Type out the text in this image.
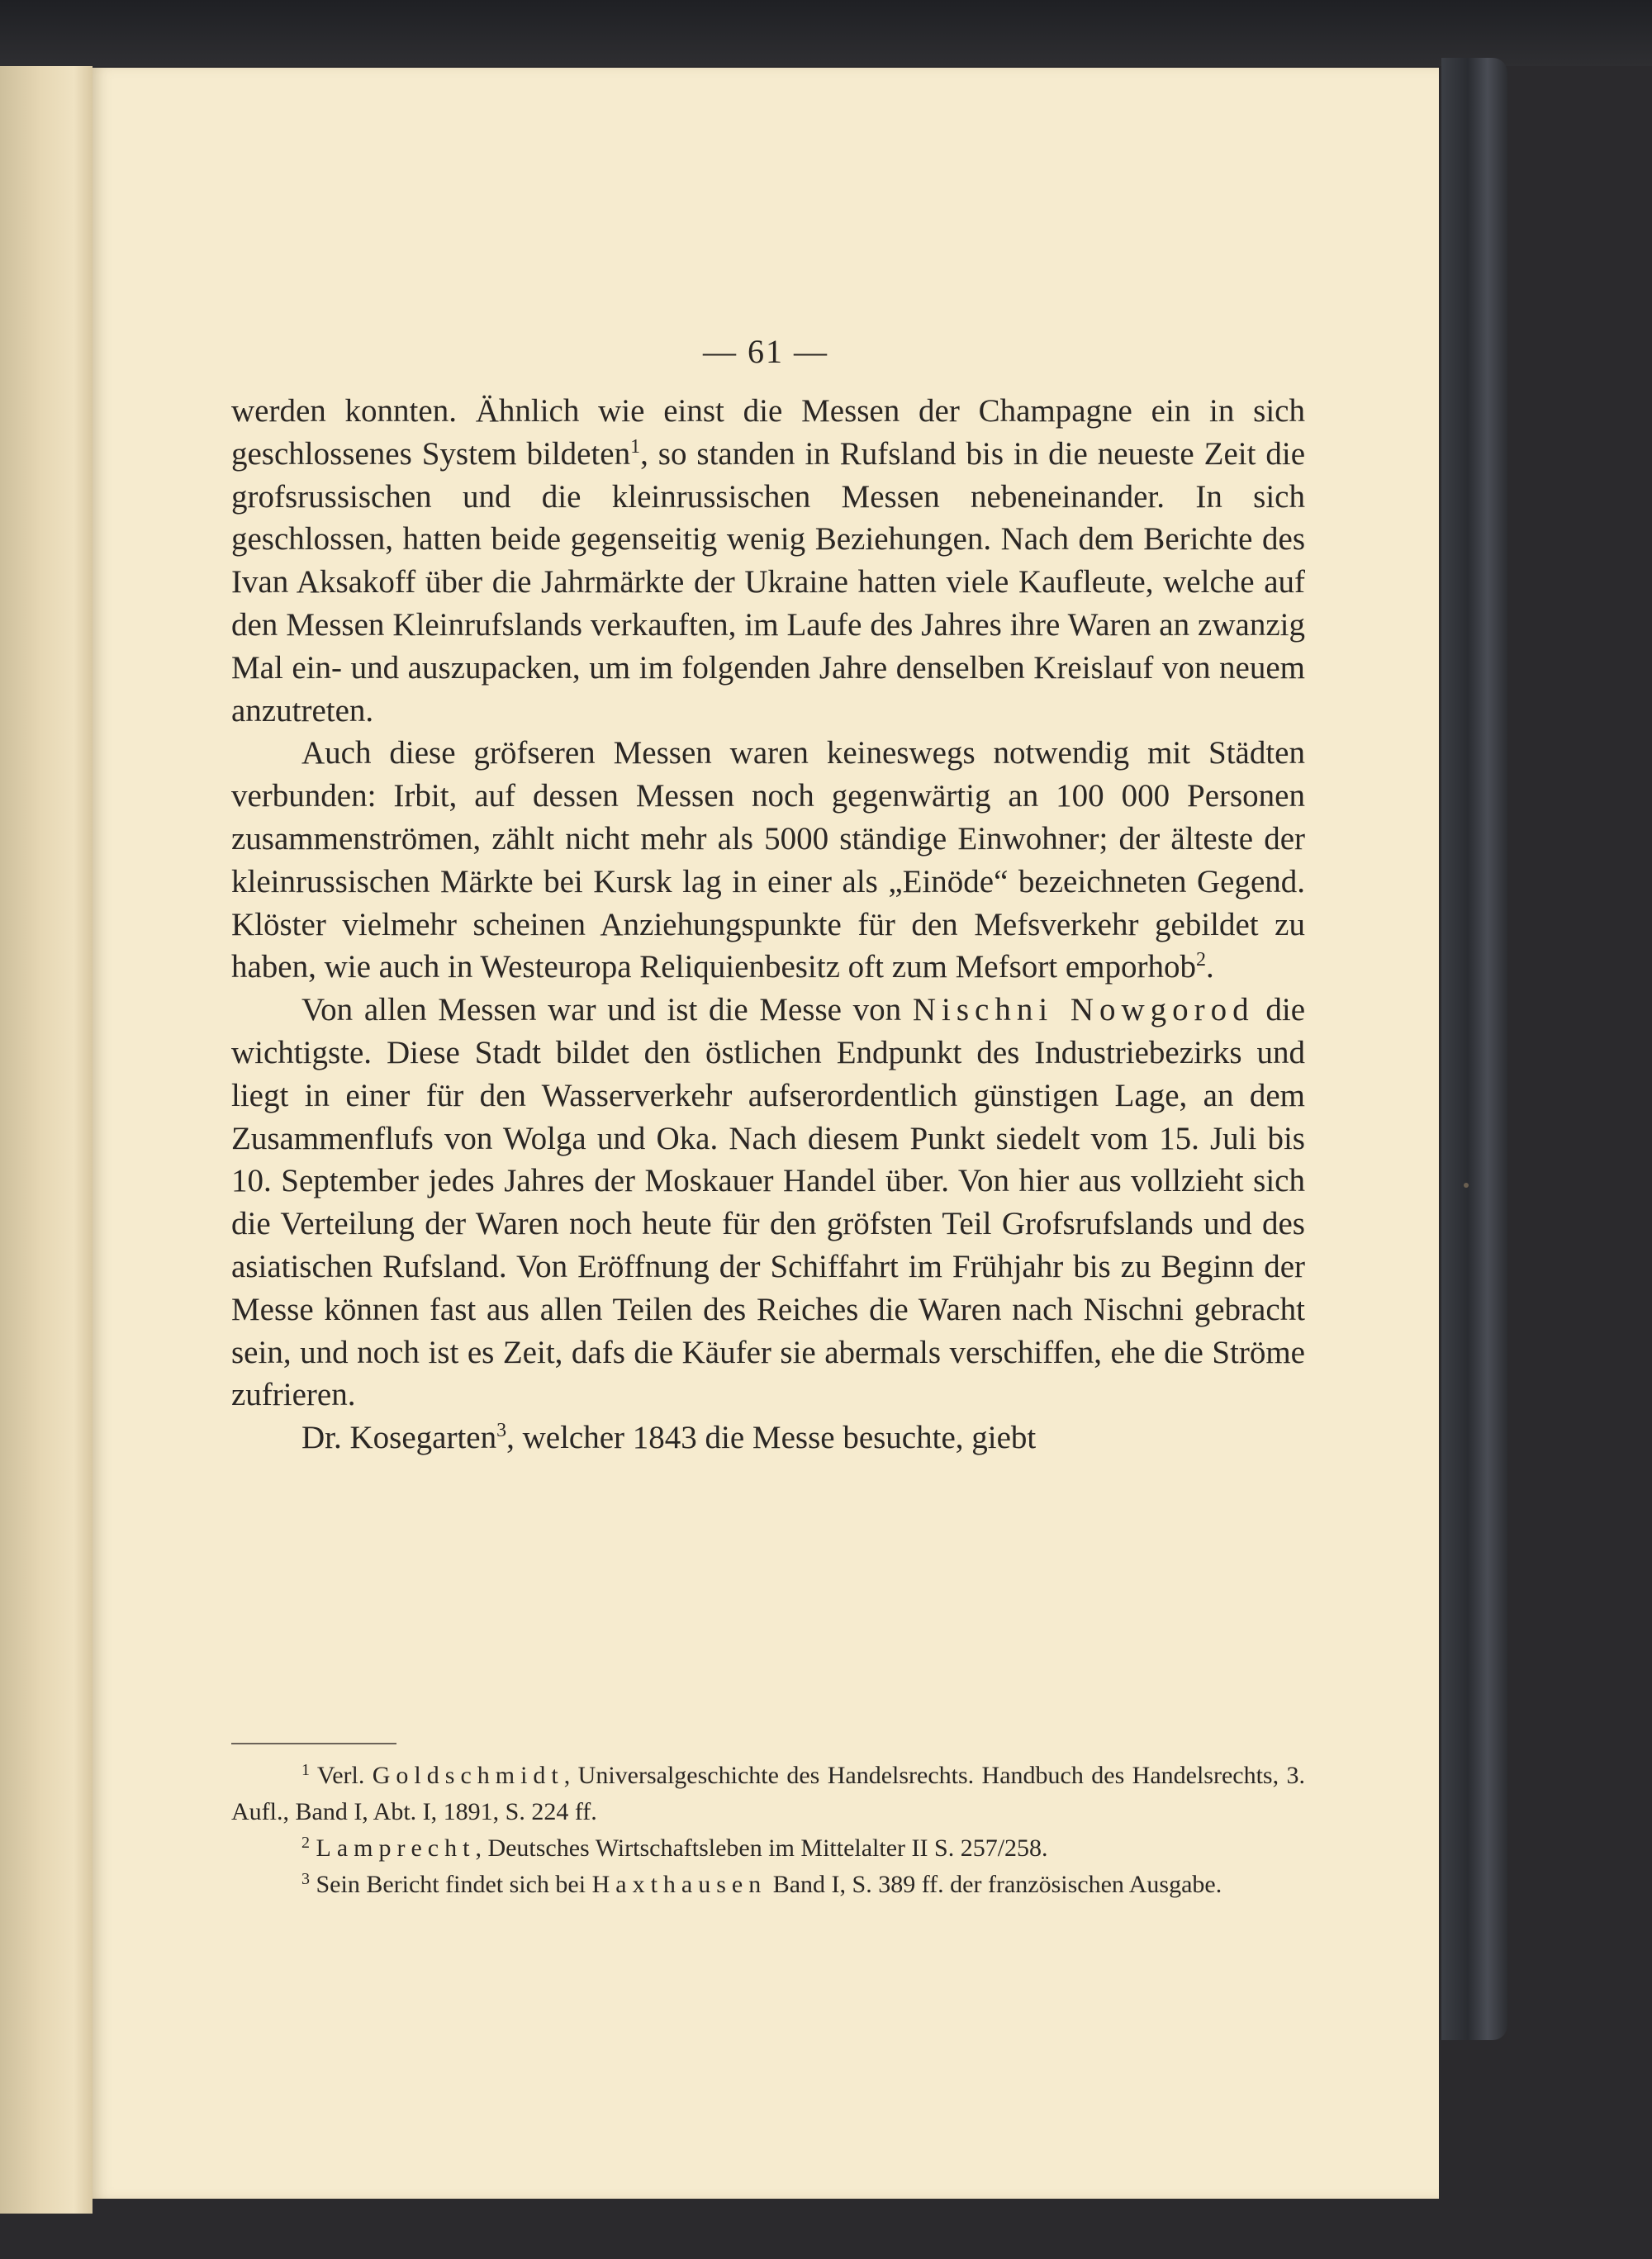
— 61 —

werden konnten. Ähnlich wie einst die Messen der Champagne ein in sich geschlossenes System bildeten$^1$, so standen in Rufsland bis in die neueste Zeit die grofsrussischen und die kleinrussischen Messen nebeneinander. In sich geschlossen, hatten beide gegenseitig wenig Beziehungen. Nach dem Berichte des Ivan Aksakoff über die Jahrmärkte der Ukraine hatten viele Kaufleute, welche auf den Messen Kleinrufslands verkauften, im Laufe des Jahres ihre Waren an zwanzig Mal ein- und auszupacken, um im folgenden Jahre denselben Kreislauf von neuem anzutreten.

Auch diese gröfseren Messen waren keineswegs notwendig mit Städten verbunden: Irbit, auf dessen Messen noch gegenwärtig an 100 000 Personen zusammenströmen, zählt nicht mehr als 5000 ständige Einwohner; der älteste der kleinrussischen Märkte bei Kursk lag in einer als „Einöde“ bezeichneten Gegend. Klöster vielmehr scheinen Anziehungspunkte für den Mefsverkehr gebildet zu haben, wie auch in Westeuropa Reliquienbesitz oft zum Mefsort emporhob$^2$.

Von allen Messen war und ist die Messe von Nischni Nowgorod die wichtigste. Diese Stadt bildet den östlichen Endpunkt des Industriebezirks und liegt in einer für den Wasserverkehr aufserordentlich günstigen Lage, an dem Zusammenflufs von Wolga und Oka. Nach diesem Punkt siedelt vom 15. Juli bis 10. September jedes Jahres der Moskauer Handel über. Von hier aus vollzieht sich die Verteilung der Waren noch heute für den gröfsten Teil Grofsrufslands und des asiatischen Rufsland. Von Eröffnung der Schiffahrt im Frühjahr bis zu Beginn der Messe können fast aus allen Teilen des Reiches die Waren nach Nischni gebracht sein, und noch ist es Zeit, dafs die Käufer sie abermals verschiffen, ehe die Ströme zufrieren.

Dr. Kosegarten$^3$, welcher 1843 die Messe besuchte, giebt

$^1$ Verl. Goldschmidt, Universalgeschichte des Handelsrechts. Handbuch des Handelsrechts, 3. Aufl., Band I, Abt. I, 1891, S. 224 ff.

$^2$ Lamprecht, Deutsches Wirtschaftsleben im Mittelalter II S. 257/258.

$^3$ Sein Bericht findet sich bei Haxthausen Band I, S. 389 ff. der französischen Ausgabe.
